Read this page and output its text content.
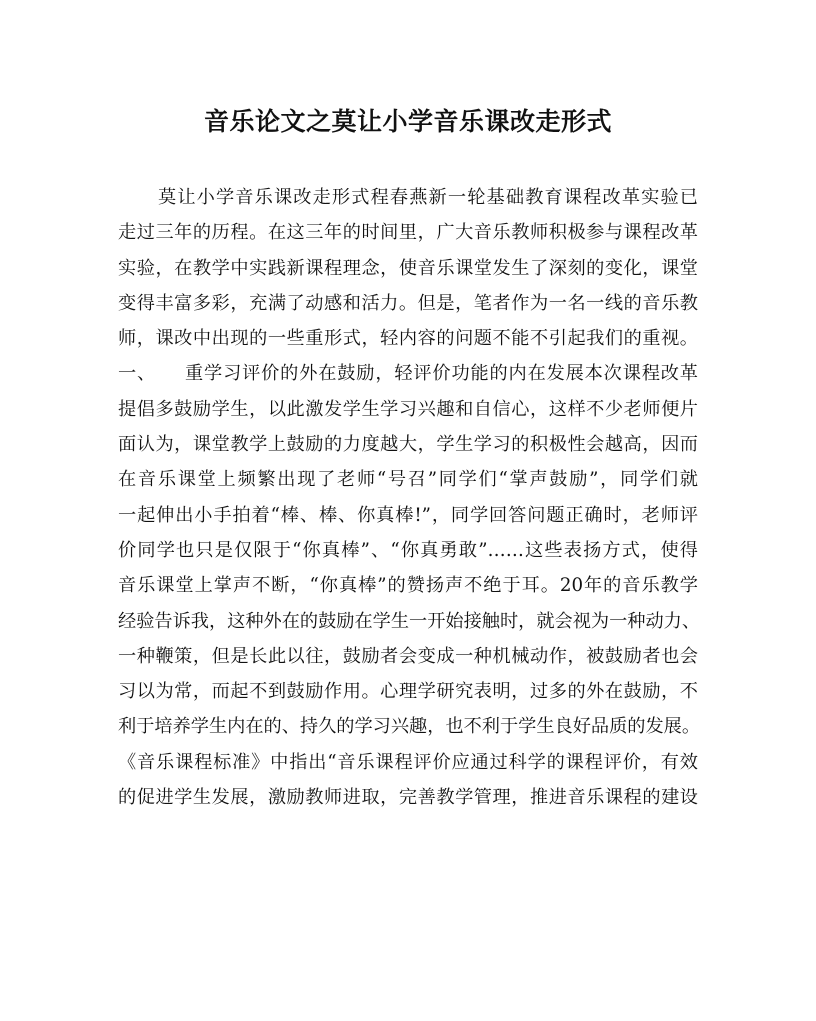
音乐论文之莫让小学音乐课改走形式
莫让小学音乐课改走形式程春燕新一轮基础教育课程改革实验已
走过三年的历程。在这三年的时间里，广大音乐教师积极参与课程改革
实验，在教学中实践新课程理念，使音乐课堂发生了深刻的变化，课堂
变得丰富多彩，充满了动感和活力。但是，笔者作为一名一线的音乐教
师，课改中出现的一些重形式，轻内容的问题不能不引起我们的重视。
一、　　重学习评价的外在鼓励，轻评价功能的内在发展本次课程改革
提倡多鼓励学生，以此激发学生学习兴趣和自信心，这样不少老师便片
面认为，课堂教学上鼓励的力度越大，学生学习的积极性会越高，因而
在音乐课堂上频繁出现了老师“号召”同学们“掌声鼓励”，同学们就
一起伸出小手拍着“棒、棒、你真棒!”，同学回答问题正确时，老师评
价同学也只是仅限于“你真棒”、“你真勇敢”……这些表扬方式，使得
音乐课堂上掌声不断，“你真棒”的赞扬声不绝于耳。20年的音乐教学
经验告诉我，这种外在的鼓励在学生一开始接触时，就会视为一种动力、
一种鞭策，但是长此以往，鼓励者会变成一种机械动作，被鼓励者也会
习以为常，而起不到鼓励作用。心理学研究表明，过多的外在鼓励，不
利于培养学生内在的、持久的学习兴趣，也不利于学生良好品质的发展。
《音乐课程标准》中指出“音乐课程评价应通过科学的课程评价，有效
的促进学生发展，激励教师进取，完善教学管理，推进音乐课程的建设
